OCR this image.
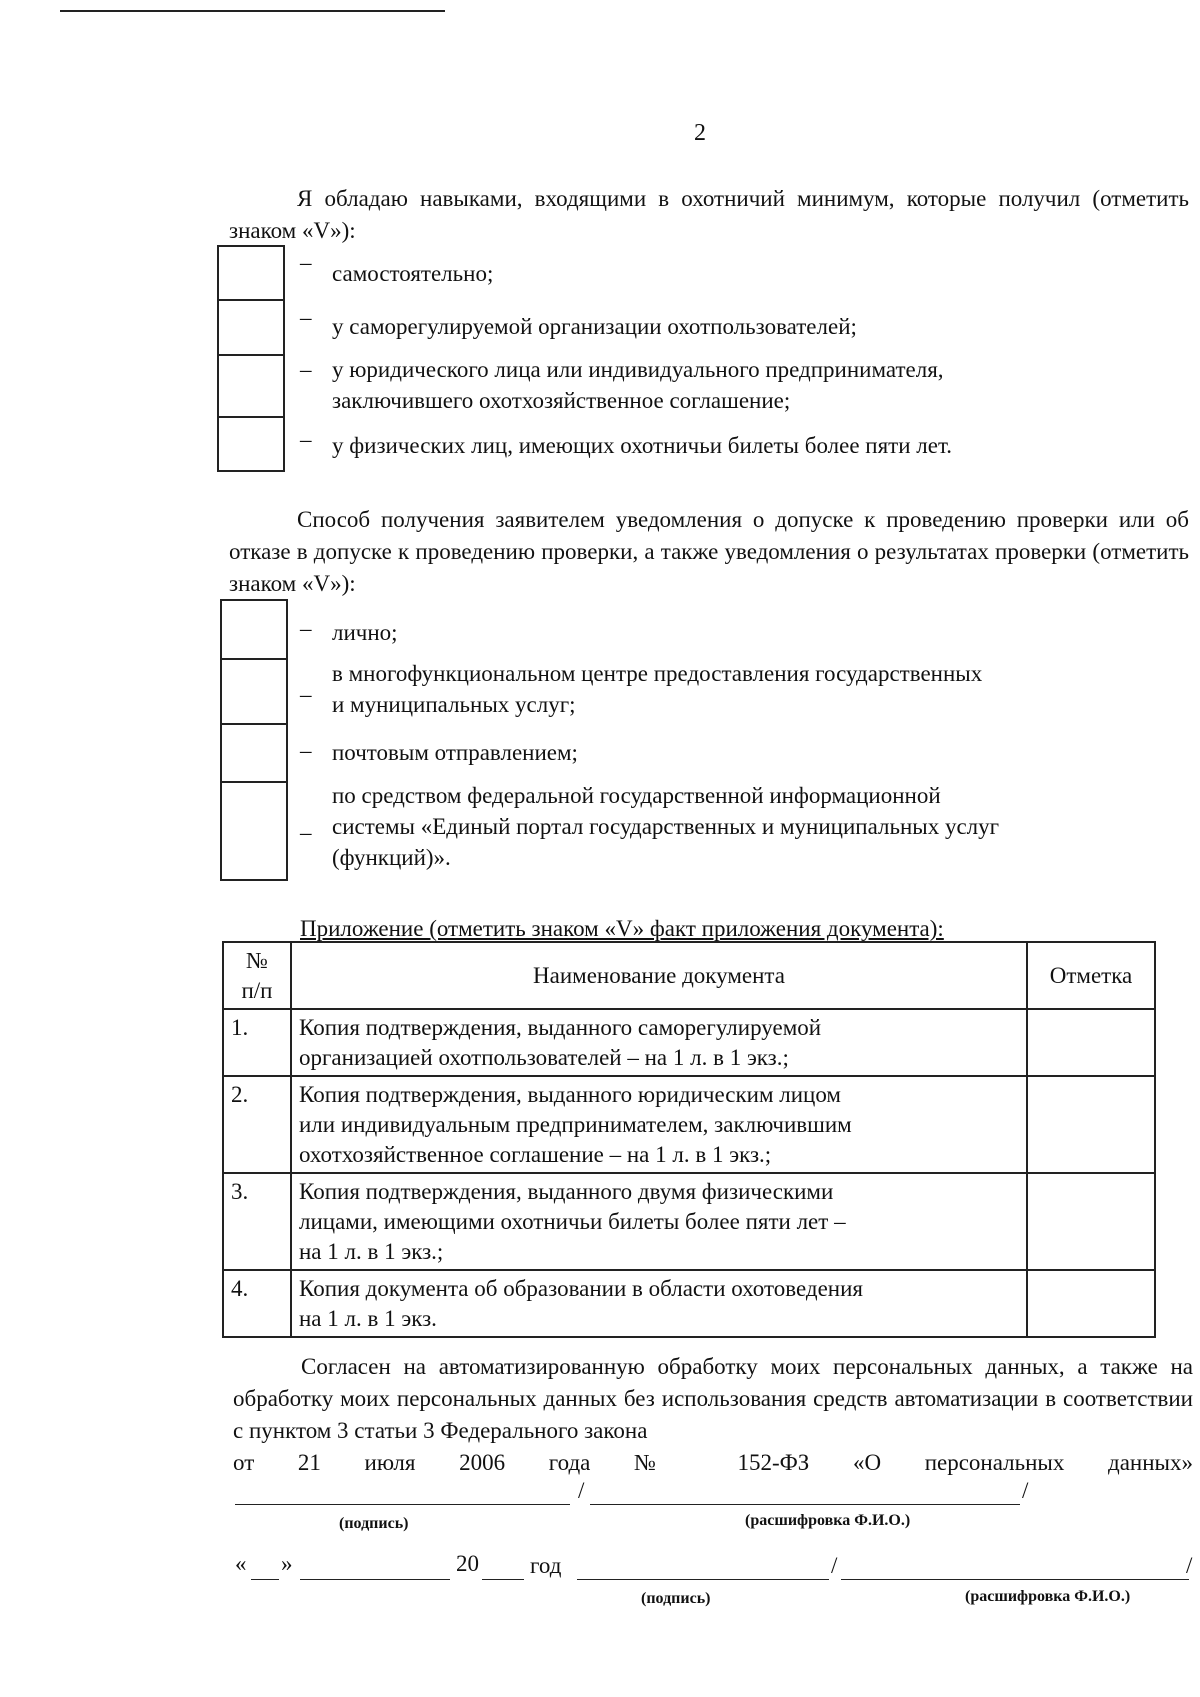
2
Я обладаю навыками, входящими в охотничий минимум, которые получил (отметить знаком «V»):
– самостоятельно;
– у саморегулируемой организации охотпользователей;
– у юридического лица или индивидуального предпринимателя,
заключившего охотхозяйственное соглашение;
– у физических лиц, имеющих охотничьи билеты более пяти лет.
Способ получения заявителем уведомления о допуске к проведению проверки или об отказе в допуске к проведению проверки, а также уведомления о результатах проверки (отметить знаком «V»):
– лично;
–
в многофункциональном центре предоставления государственных
и муниципальных услуг;
– почтовым отправлением;
–
по средством федеральной государственной информационной
системы «Единый портал государственных и муниципальных услуг
(функций)».
Приложение (отметить знаком «V» факт приложения документа):
№
п/п	Наименование документа	Отметка
1.	Копия подтверждения, выданного саморегулируемой
организацией охотпользователей – на 1 л. в 1 экз.;	

2.	Копия подтверждения, выданного юридическим лицом
или индивидуальным предпринимателем, заключившим
охотхозяйственное соглашение – на 1 л. в 1 экз.;	

3.	Копия подтверждения, выданного двумя физическими
лицами, имеющими охотничьи билеты более пяти лет –
на 1 л. в 1 экз.;	

4.	Копия документа об образовании в области охотоведения
на 1 л. в 1 экз.	

Согласен на автоматизированную обработку моих персональных данных, а также на обработку моих персональных данных без использования средств автоматизации в соответствии с пунктом 3 статьи 3 Федерального закона
от 21 июля 2006 года № 152-ФЗ «О персональных данных»
/	/
(подпись)	(расшифровка Ф.И.О.)
« »	20 год	/	/
(подпись)	(расшифровка Ф.И.О.)
